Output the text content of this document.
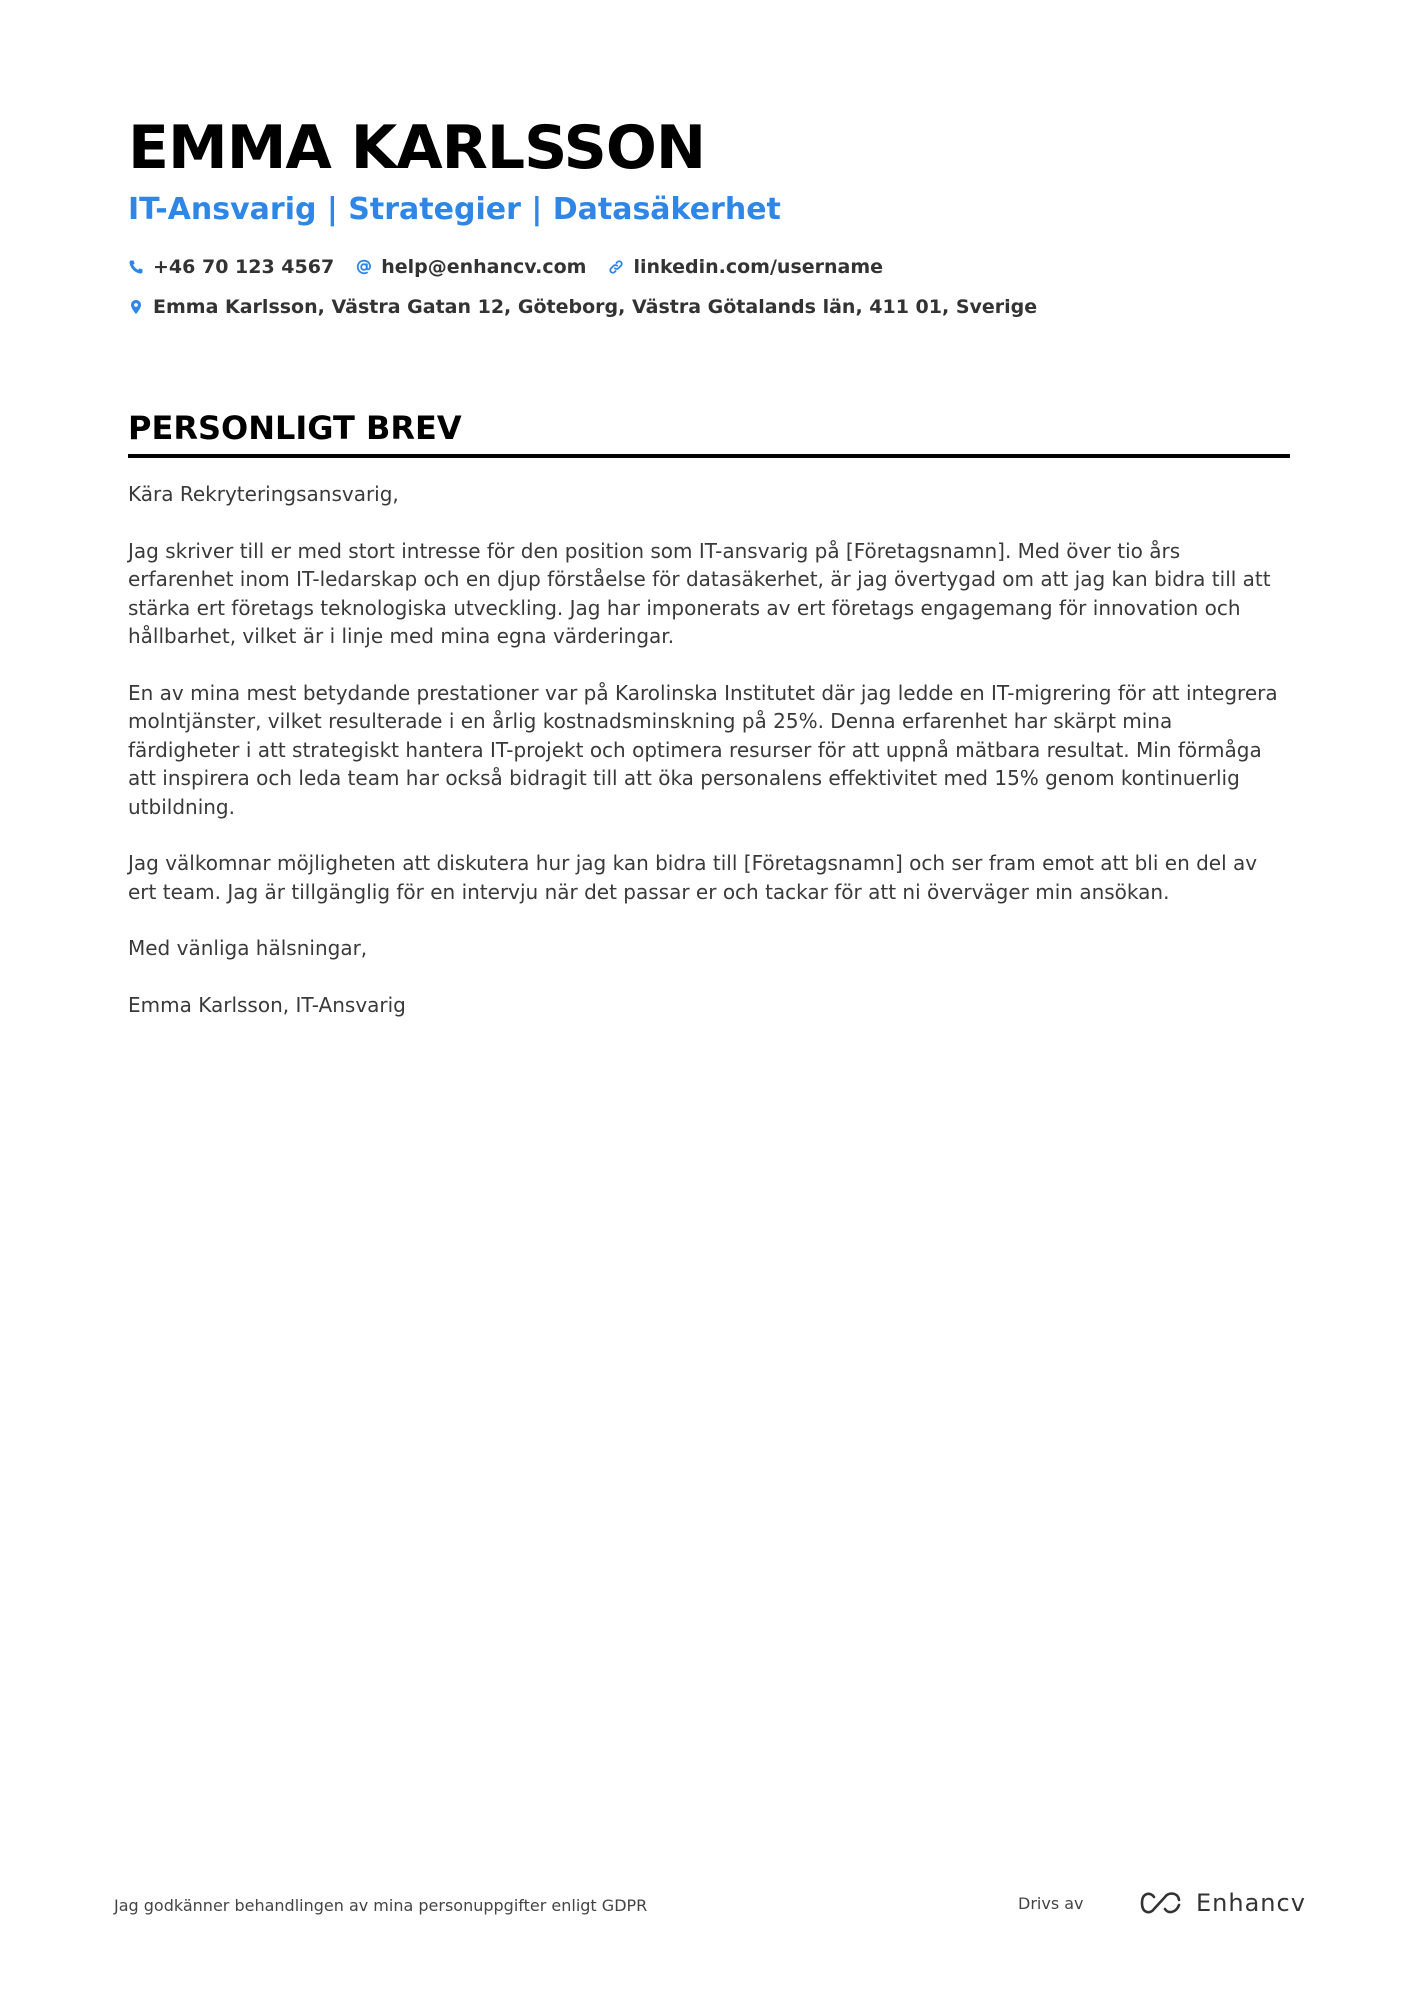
EMMA KARLSSON
IT-Ansvarig | Strategier | Datasäkerhet
+46 70 123 4567 help@enhancv.com linkedin.com/username
Emma Karlsson, Västra Gatan 12, Göteborg, Västra Götalands län, 411 01, Sverige
PERSONLIGT BREV

Kära Rekryteringsansvarig,

Jag skriver till er med stort intresse för den position som IT-ansvarig på [Företagsnamn]. Med över tio års erfarenhet inom IT-ledarskap och en djup förståelse för datasäkerhet, är jag övertygad om att jag kan bidra till att stärka ert företags teknologiska utveckling. Jag har imponerats av ert företags engagemang för innovation och hållbarhet, vilket är i linje med mina egna värderingar.

En av mina mest betydande prestationer var på Karolinska Institutet där jag ledde en IT-migrering för att integrera molntjänster, vilket resulterade i en årlig kostnadsminskning på 25%. Denna erfarenhet har skärpt mina färdigheter i att strategiskt hantera IT-projekt och optimera resurser för att uppnå mätbara resultat. Min förmåga att inspirera och leda team har också bidragit till att öka personalens effektivitet med 15% genom kontinuerlig utbildning.

Jag välkomnar möjligheten att diskutera hur jag kan bidra till [Företagsnamn] och ser fram emot att bli en del av ert team. Jag är tillgänglig för en intervju när det passar er och tackar för att ni överväger min ansökan.

Med vänliga hälsningar,

Emma Karlsson, IT-Ansvarig

Jag godkänner behandlingen av mina personuppgifter enligt GDPR	Drivs av	Enhancv
